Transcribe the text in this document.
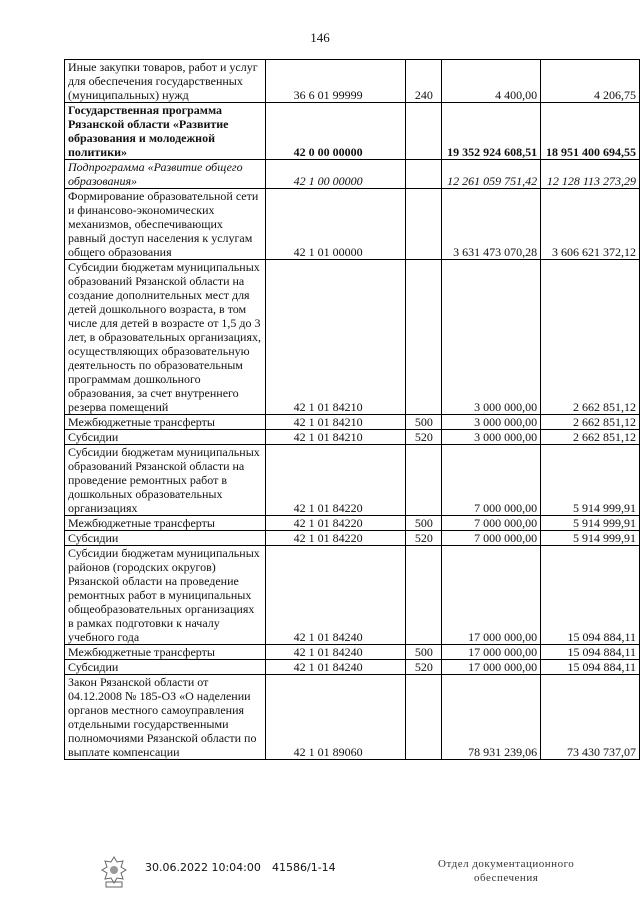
146
Иные закупки товаров, работ и услуг для обеспечения государственных (муниципальных) нужд	36 6 01 99999	240	4 400,00	4 206,75
Государственная программа Рязанской области «Развитие образования и молодежной политики»	42 0 00 00000		19 352 924 608,51	18 951 400 694,55
Подпрограмма «Развитие общего образования»	42 1 00 00000		12 261 059 751,42	12 128 113 273,29
Формирование образовательной сети и финансово-экономических механизмов, обеспечивающих равный доступ населения к услугам общего образования	42 1 01 00000		3 631 473 070,28	3 606 621 372,12
Субсидии бюджетам муниципальных образований Рязанской области на создание дополнительных мест для детей дошкольного возраста, в том числе для детей в возрасте от 1,5 до 3 лет, в образовательных организациях, осуществляющих образовательную деятельность по образовательным программам дошкольного образования, за счет внутреннего резерва помещений	42 1 01 84210		3 000 000,00	2 662 851,12
Межбюджетные трансферты	42 1 01 84210	500	3 000 000,00	2 662 851,12
Субсидии	42 1 01 84210	520	3 000 000,00	2 662 851,12
Субсидии бюджетам муниципальных образований Рязанской области на проведение ремонтных работ в дошкольных образовательных организациях	42 1 01 84220		7 000 000,00	5 914 999,91
Межбюджетные трансферты	42 1 01 84220	500	7 000 000,00	5 914 999,91
Субсидии	42 1 01 84220	520	7 000 000,00	5 914 999,91
Субсидии бюджетам муниципальных районов (городских округов) Рязанской области на проведение ремонтных работ в муниципальных общеобразовательных организациях в рамках подготовки к началу учебного года	42 1 01 84240		17 000 000,00	15 094 884,11
Межбюджетные трансферты	42 1 01 84240	500	17 000 000,00	15 094 884,11
Субсидии	42 1 01 84240	520	17 000 000,00	15 094 884,11
Закон Рязанской области от 04.12.2008 № 185-ОЗ «О наделении органов местного самоуправления отдельными государственными полномочиями Рязанской области по выплате компенсации	42 1 01 89060		78 931 239,06	73 430 737,07
30.06.2022 10:04:00 41586/1-14	Отдел документационного
обеспечения
